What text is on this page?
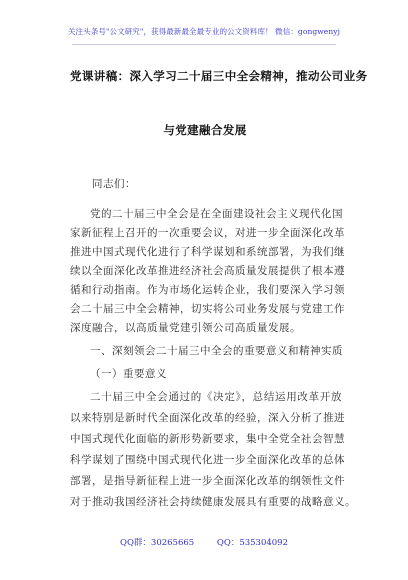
关注头条号"公文研究"，获得最新最全最专业的公文资料库！ 微信：gongwenyj
党课讲稿：深入学习二十届三中全会精神，推动公司业务
与党建融合发展
同志们：
党的二十届三中全会是在全面建设社会主义现代化国
家新征程上召开的一次重要会议，对进一步全面深化改革
推进中国式现代化进行了科学谋划和系统部署，为我们继
续以全面深化改革推进经济社会高质量发展提供了根本遵
循和行动指南。作为市场化运转企业，我们要深入学习领
会二十届三中全会精神，切实将公司业务发展与党建工作
深度融合，以高质量党建引领公司高质量发展。
一、深刻领会二十届三中全会的重要意义和精神实质
（一）重要意义
二十届三中全会通过的《决定》，总结运用改革开放
以来特别是新时代全面深化改革的经验，深入分析了推进
中国式现代化面临的新形势新要求，集中全党全社会智慧
科学谋划了围绕中国式现代化进一步全面深化改革的总体
部署，是指导新征程上进一步全面深化改革的纲领性文件
对于推动我国经济社会持续健康发展具有重要的战略意义。
QQ群：30265665	QQ：535304092
